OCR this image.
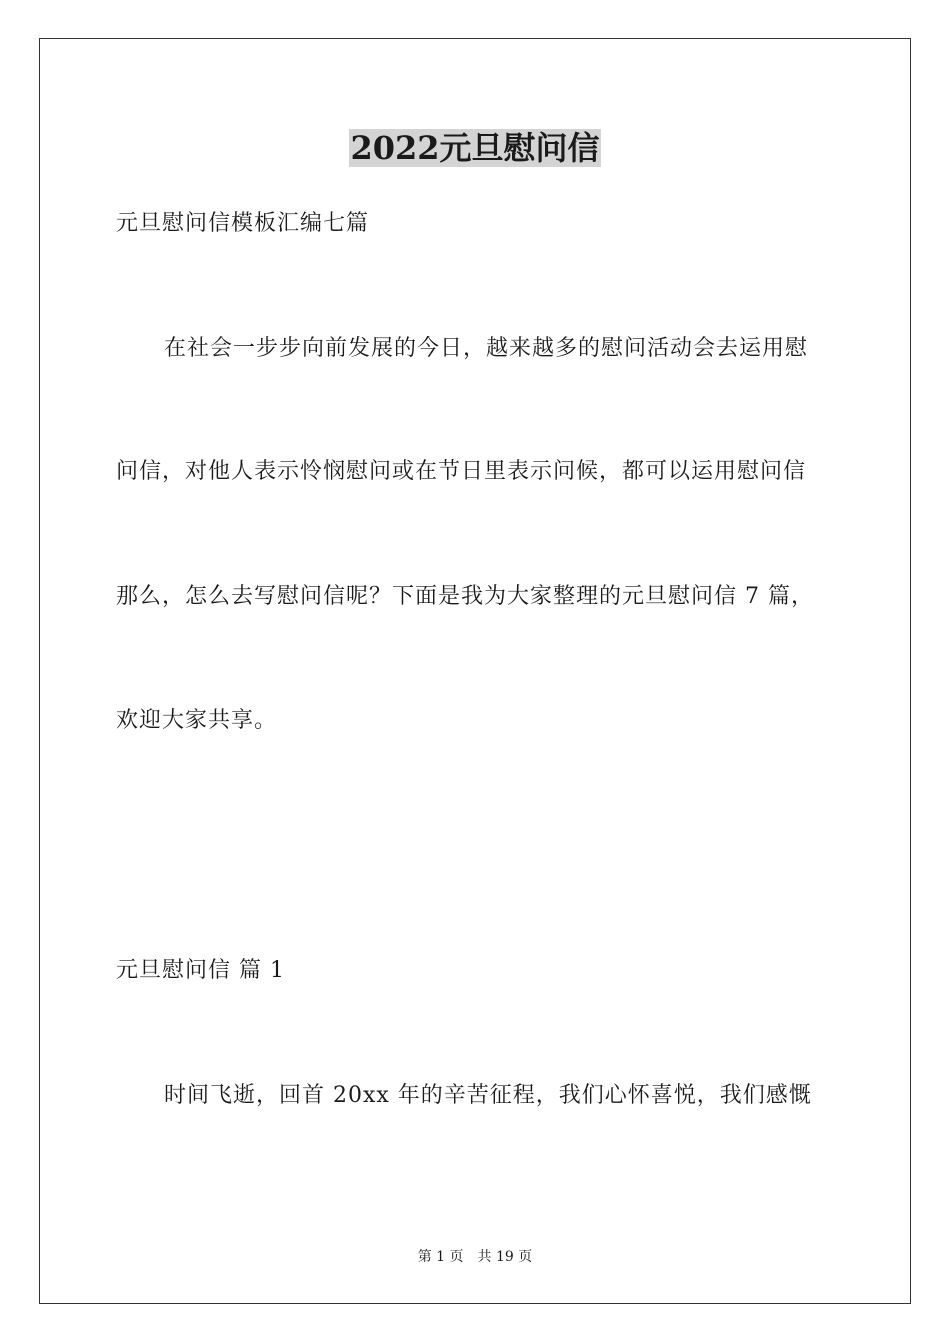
2022元旦慰问信
元旦慰问信模板汇编七篇
在社会一步步向前发展的今日，越来越多的慰问活动会去运用慰
问信，对他人表示怜悯慰问或在节日里表示问候，都可以运用慰问信
那么，怎么去写慰问信呢？下面是我为大家整理的元旦慰问信 7 篇，
欢迎大家共享。
元旦慰问信 篇 1
时间飞逝，回首 20xx 年的辛苦征程，我们心怀喜悦，我们感慨
第 1 页 共 19 页
